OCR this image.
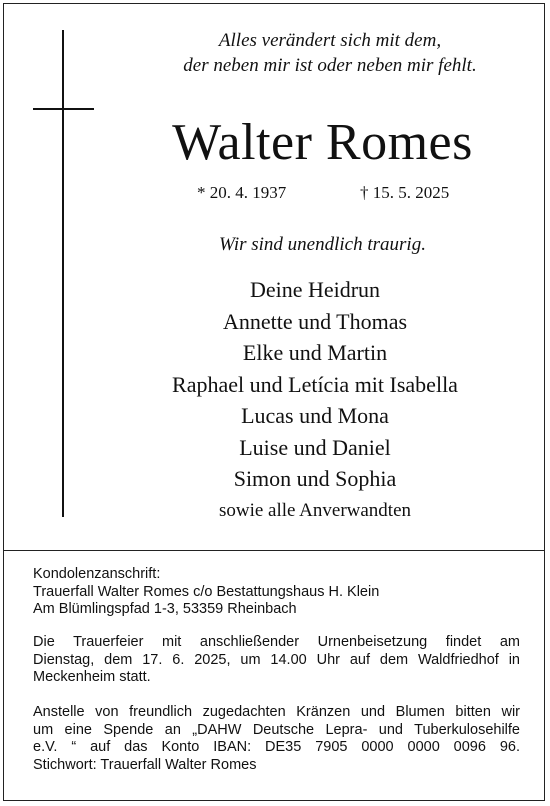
Alles verändert sich mit dem,
der neben mir ist oder neben mir fehlt.
Walter Romes
* 20. 4. 1937	† 15. 5. 2025
Wir sind unendlich traurig.
Deine Heidrun
Annette und Thomas
Elke und Martin
Raphael und Letícia mit Isabella
Lucas und Mona
Luise und Daniel
Simon und Sophia
sowie alle Anverwandten
Kondolenzanschrift:
Trauerfall Walter Romes c/o Bestattungshaus H. Klein
Am Blümlingspfad 1-3, 53359 Rheinbach
Die Trauerfeier mit anschließender Urnenbeisetzung findet am
Dienstag, dem 17. 6. 2025, um 14.00 Uhr auf dem Waldfriedhof in
Meckenheim statt.
Anstelle von freundlich zugedachten Kränzen und Blumen bitten wir
um eine Spende an „DAHW Deutsche Lepra- und Tuberkulosehilfe
e.V. “ auf das Konto IBAN: DE35 7905 0000 0000 0096 96.
Stichwort: Trauerfall Walter Romes
